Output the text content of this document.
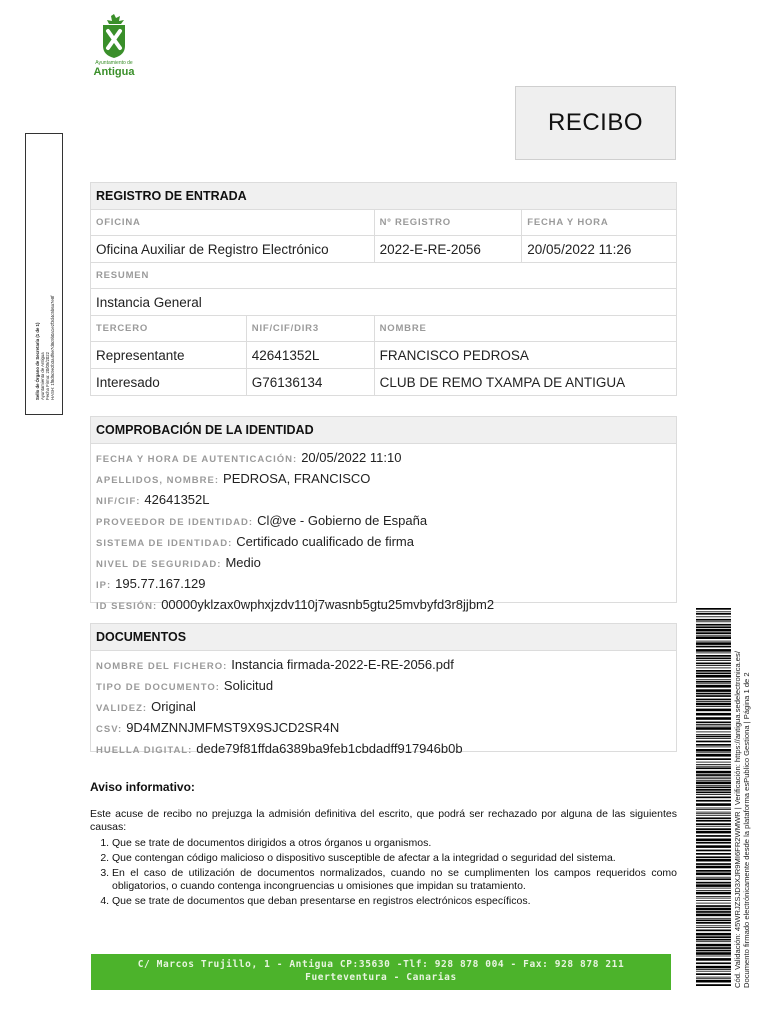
Ayuntamiento de
Antigua
RECIBO
Sello de Órgano de Secretaría (1 de 1) Ayuntamiento de Antigua Fecha Firma: 20/05/2022 HASH: 1f8d5c9e2b3a4f6e7d8c9b0a1e2f3d4c5b6a7e8f
REGISTRO DE ENTRADA			
OFICINA		Nº REGISTRO	FECHA Y HORA
Oficina Auxiliar de Registro Electrónico		2022-E-RE-2056	20/05/2022 11:26
RESUMEN			
Instancia General			
TERCERO	NIF/CIF/DIR3	NOMBRE	
Representante	42641352L	FRANCISCO PEDROSA	
Interesado	G76136134	CLUB DE REMO TXAMPA DE ANTIGUA	
COMPROBACIÓN DE LA IDENTIDAD
FECHA Y HORA DE AUTENTICACIÓN: 20/05/2022 11:10
APELLIDOS, NOMBRE: PEDROSA, FRANCISCO
NIF/CIF: 42641352L
PROVEEDOR DE IDENTIDAD: Cl@ve - Gobierno de España
SISTEMA DE IDENTIDAD: Certificado cualificado de firma
NIVEL DE SEGURIDAD: Medio
IP: 195.77.167.129
ID SESIÓN: 00000yklzax0wphxjzdv110j7wasnb5gtu25mvbyfd3r8jjbm2
DOCUMENTOS
NOMBRE DEL FICHERO: Instancia firmada-2022-E-RE-2056.pdf
TIPO DE DOCUMENTO: Solicitud
VALIDEZ: Original
CSV: 9D4MZNNJMFMST9X9SJCD2SR4N
HUELLA DIGITAL: dede79f81ffda6389ba9feb1cbdadff917946b0b
Aviso informativo:
Este acuse de recibo no prejuzga la admisión definitiva del escrito, que podrá ser rechazado por alguna de las siguientes causas:
1. Que se trate de documentos dirigidos a otros órganos u organismos.
2. Que contengan código malicioso o dispositivo susceptible de afectar a la integridad o seguridad del sistema.
3. En el caso de utilización de documentos normalizados, cuando no se cumplimenten los campos requeridos como obligatorios, o cuando contenga incongruencias u omisiones que impidan su tratamiento.
4. Que se trate de documentos que deban presentarse en registros electrónicos específicos.
C/ Marcos Trujillo, 1 - Antigua CP:35630 -Tlf: 928 878 004 - Fax: 928 878 211
Fuerteventura - Canarias	Cód. Validación: 45WRJZSJD3XJR9MI6FR2WMWR | Verificación: https://antigua.sedelectronica.es/ Documento firmado electrónicamente desde la plataforma esPublico Gestiona | Página 1 de 2
